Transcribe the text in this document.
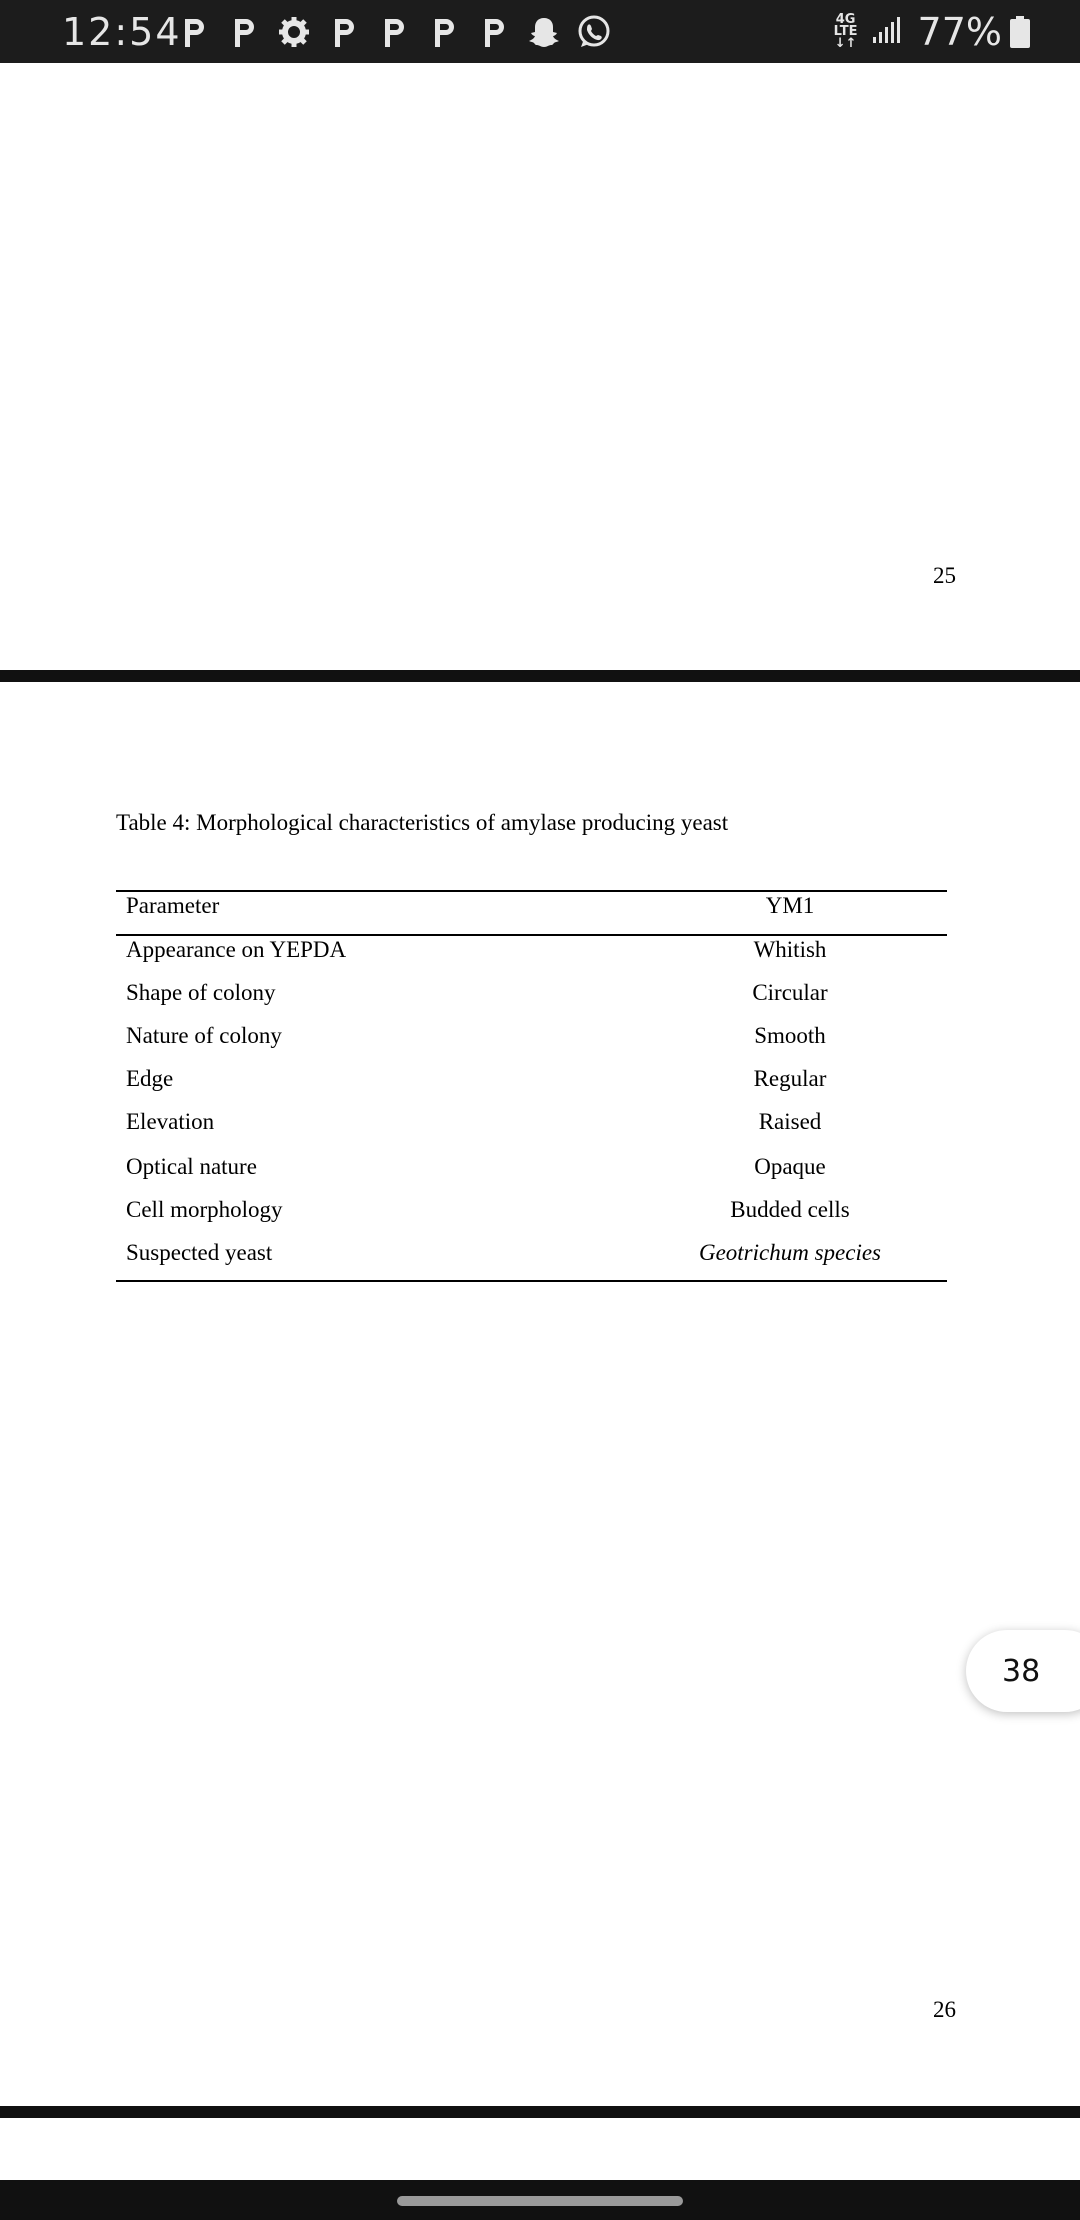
12:54	4G
LTE
↓↑ 77%
25
Table 4: Morphological characteristics of amylase producing yeast
Parameter	YM1
Appearance on YEPDA	Whitish
Shape of colony	Circular
Nature of colony	Smooth
Edge	Regular
Elevation	Raised
Optical nature	Opaque
Cell morphology	Budded cells
Suspected yeast	Geotrichum species
26
38
